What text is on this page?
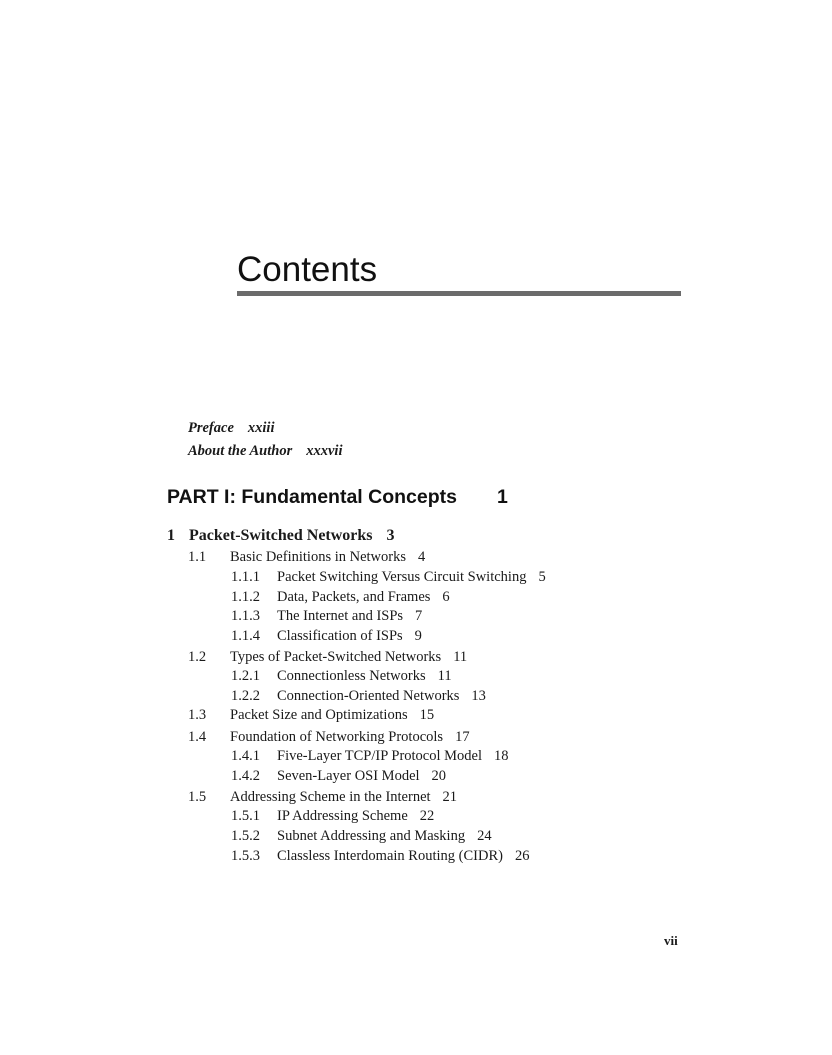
Contents
Preface xxiii
About the Author xxxvii
PART I: Fundamental Concepts 1
1 Packet-Switched Networks 3
1.1 Basic Definitions in Networks 4
1.1.1 Packet Switching Versus Circuit Switching 5
1.1.2 Data, Packets, and Frames 6
1.1.3 The Internet and ISPs 7
1.1.4 Classification of ISPs 9
1.2 Types of Packet-Switched Networks 11
1.2.1 Connectionless Networks 11
1.2.2 Connection-Oriented Networks 13
1.3 Packet Size and Optimizations 15
1.4 Foundation of Networking Protocols 17
1.4.1 Five-Layer TCP/IP Protocol Model 18
1.4.2 Seven-Layer OSI Model 20
1.5 Addressing Scheme in the Internet 21
1.5.1 IP Addressing Scheme 22
1.5.2 Subnet Addressing and Masking 24
1.5.3 Classless Interdomain Routing (CIDR) 26
vii
